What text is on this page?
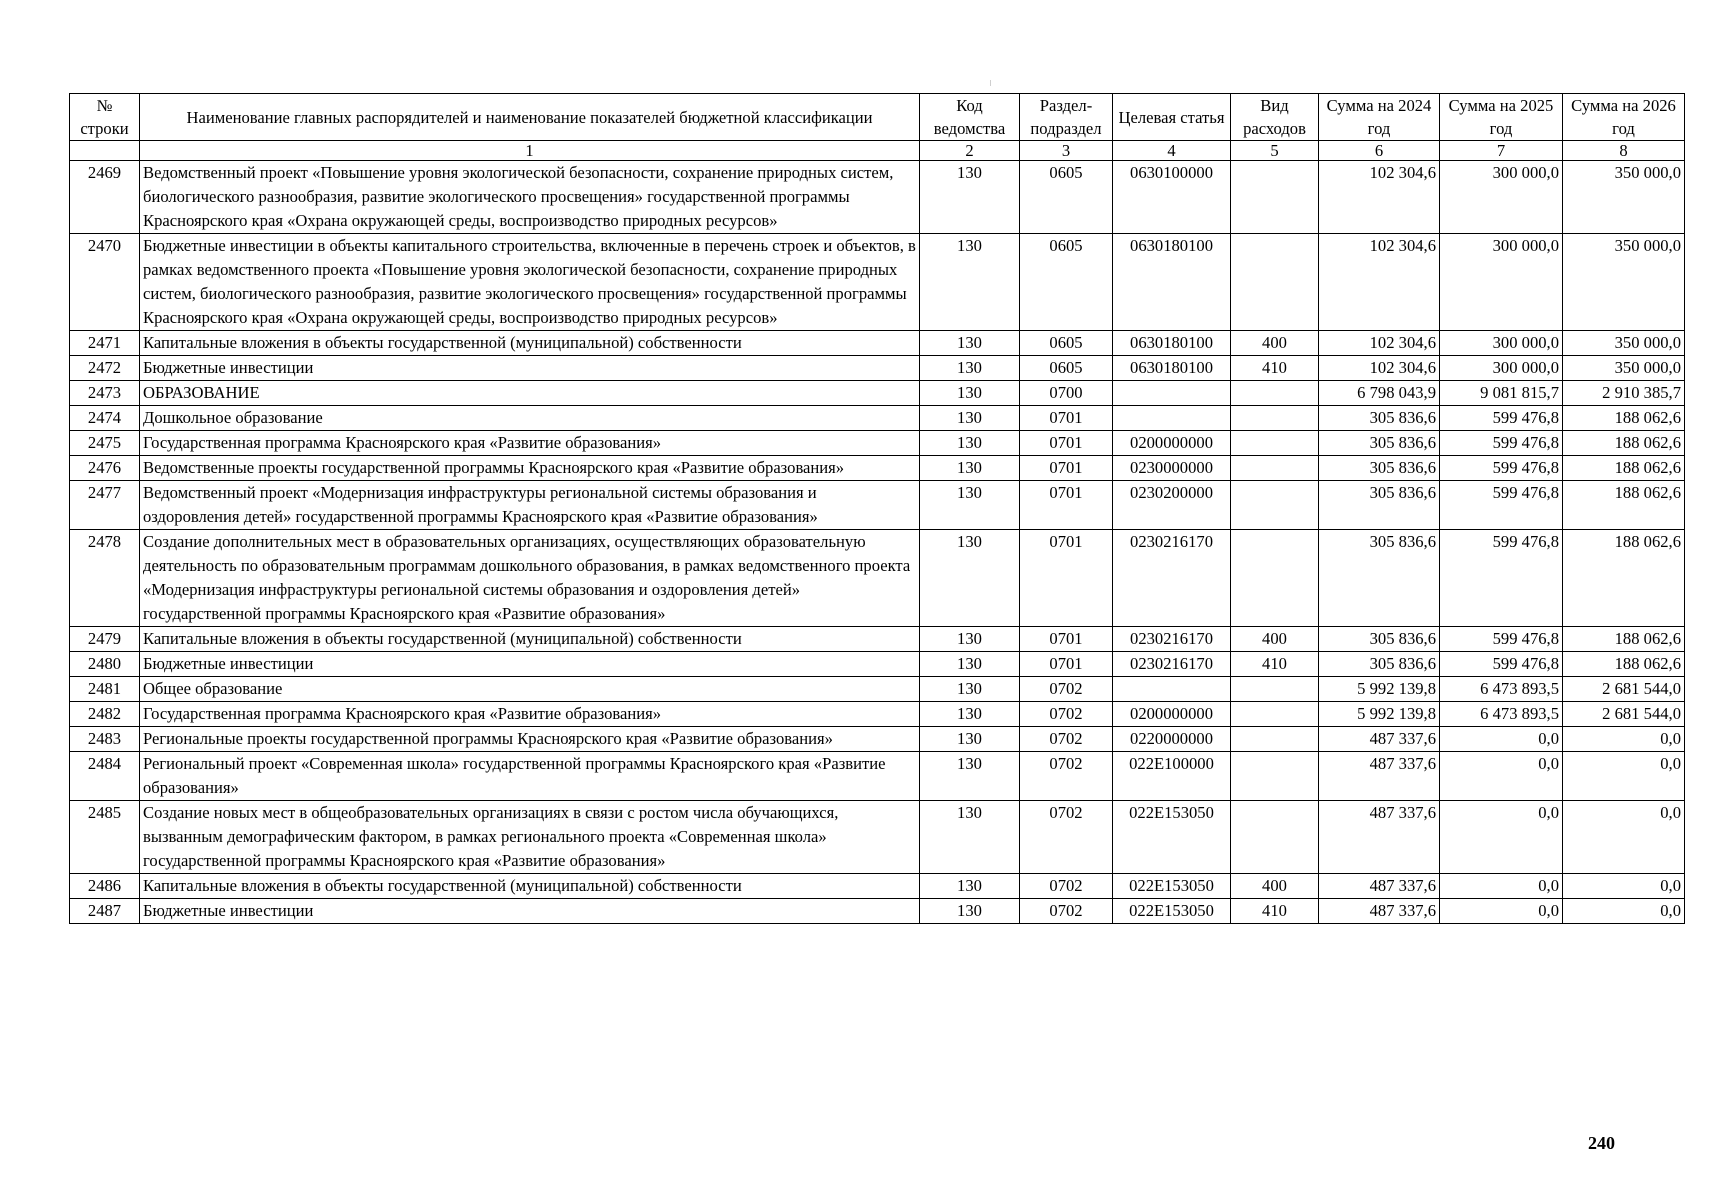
№ строки	Наименование главных распорядителей и наименование показателей бюджетной классификации	Код ведомства	Раздел-подраздел	Целевая статья	Вид расходов	Сумма на 2024 год	Сумма на 2025 год	Сумма на 2026 год
	1	2	3	4	5	6	7	8
2469	Ведомственный проект «Повышение уровня экологической безопасности, сохранение природных систем, биологического разнообразия, развитие экологического просвещения» государственной программы Красноярского края «Охрана окружающей среды, воспроизводство природных ресурсов»	130	0605	0630100000		102 304,6	300 000,0	350 000,0
2470	Бюджетные инвестиции в объекты капитального строительства, включенные в перечень строек и объектов, в рамках ведомственного проекта «Повышение уровня экологической безопасности, сохранение природных систем, биологического разнообразия, развитие экологического просвещения» государственной программы Красноярского края «Охрана окружающей среды, воспроизводство природных ресурсов»	130	0605	0630180100		102 304,6	300 000,0	350 000,0
2471	Капитальные вложения в объекты государственной (муниципальной) собственности	130	0605	0630180100	400	102 304,6	300 000,0	350 000,0
2472	Бюджетные инвестиции	130	0605	0630180100	410	102 304,6	300 000,0	350 000,0
2473	ОБРАЗОВАНИЕ	130	0700			6 798 043,9	9 081 815,7	2 910 385,7
2474	Дошкольное образование	130	0701			305 836,6	599 476,8	188 062,6
2475	Государственная программа Красноярского края «Развитие образования»	130	0701	0200000000		305 836,6	599 476,8	188 062,6
2476	Ведомственные проекты государственной программы Красноярского края «Развитие образования»	130	0701	0230000000		305 836,6	599 476,8	188 062,6
2477	Ведомственный проект «Модернизация инфраструктуры региональной системы образования и оздоровления детей» государственной программы Красноярского края «Развитие образования»	130	0701	0230200000		305 836,6	599 476,8	188 062,6
2478	Создание дополнительных мест в образовательных организациях, осуществляющих образовательную деятельность по образовательным программам дошкольного образования, в рамках ведомственного проекта «Модернизация инфраструктуры региональной системы образования и оздоровления детей» государственной программы Красноярского края «Развитие образования»	130	0701	0230216170		305 836,6	599 476,8	188 062,6
2479	Капитальные вложения в объекты государственной (муниципальной) собственности	130	0701	0230216170	400	305 836,6	599 476,8	188 062,6
2480	Бюджетные инвестиции	130	0701	0230216170	410	305 836,6	599 476,8	188 062,6
2481	Общее образование	130	0702			5 992 139,8	6 473 893,5	2 681 544,0
2482	Государственная программа Красноярского края «Развитие образования»	130	0702	0200000000		5 992 139,8	6 473 893,5	2 681 544,0
2483	Региональные проекты государственной программы Красноярского края «Развитие образования»	130	0702	0220000000		487 337,6	0,0	0,0
2484	Региональный проект «Современная школа» государственной программы Красноярского края «Развитие образования»	130	0702	022E100000		487 337,6	0,0	0,0
2485	Создание новых мест в общеобразовательных организациях в связи с ростом числа обучающихся, вызванным демографическим фактором, в рамках регионального проекта «Современная школа» государственной программы Красноярского края «Развитие образования»	130	0702	022E153050		487 337,6	0,0	0,0
2486	Капитальные вложения в объекты государственной (муниципальной) собственности	130	0702	022E153050	400	487 337,6	0,0	0,0
2487	Бюджетные инвестиции	130	0702	022E153050	410	487 337,6	0,0	0,0
240
